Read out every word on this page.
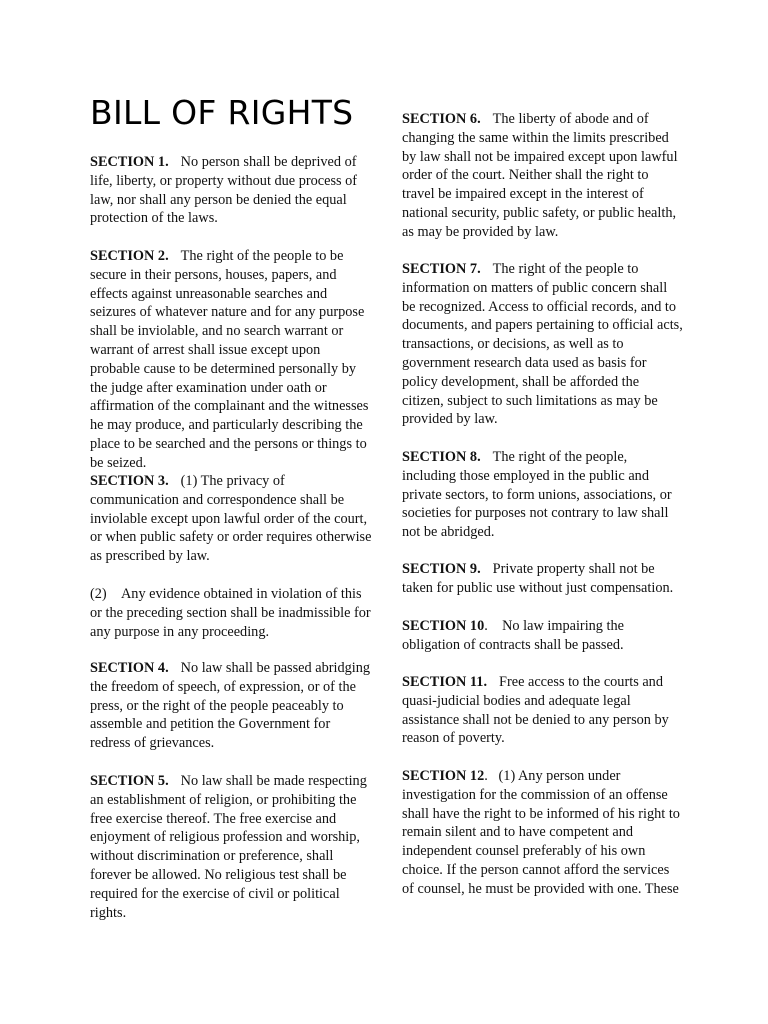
BILL OF RIGHTS

SECTION 1. No person shall be deprived of life, liberty, or property without due process of law, nor shall any person be denied the equal protection of the laws.

SECTION 2. The right of the people to be secure in their persons, houses, papers, and effects against unreasonable searches and seizures of whatever nature and for any purpose shall be inviolable, and no search warrant or warrant of arrest shall issue except upon probable cause to be determined personally by the judge after examination under oath or affirmation of the complainant and the witnesses he may produce, and particularly describing the place to be searched and the persons or things to be seized.

SECTION 3. (1) The privacy of communication and correspondence shall be inviolable except upon lawful order of the court, or when public safety or order requires otherwise as prescribed by law.

(2)    Any evidence obtained in violation of this or the preceding section shall be inadmissible for any purpose in any proceeding.

SECTION 4. No law shall be passed abridging the freedom of speech, of expression, or of the press, or the right of the people peaceably to assemble and petition the Government for redress of grievances.

SECTION 5. No law shall be made respecting an establishment of religion, or prohibiting the free exercise thereof. The free exercise and enjoyment of religious profession and worship, without discrimination or preference, shall forever be allowed. No religious test shall be required for the exercise of civil or political rights.

SECTION 6. The liberty of abode and of changing the same within the limits prescribed by law shall not be impaired except upon lawful order of the court. Neither shall the right to travel be impaired except in the interest of national security, public safety, or public health, as may be provided by law.

SECTION 7. The right of the people to information on matters of public concern shall be recognized. Access to official records, and to documents, and papers pertaining to official acts, transactions, or decisions, as well as to government research data used as basis for policy development, shall be afforded the citizen, subject to such limitations as may be provided by law.

SECTION 8. The right of the people, including those employed in the public and private sectors, to form unions, associations, or societies for purposes not contrary to law shall not be abridged.

SECTION 9. Private property shall not be taken for public use without just compensation.

SECTION 10.    No law impairing the obligation of contracts shall be passed.

SECTION 11. Free access to the courts and quasi-judicial bodies and adequate legal assistance shall not be denied to any person by reason of poverty.

SECTION 12.   (1) Any person under investigation for the commission of an offense shall have the right to be informed of his right to remain silent and to have competent and independent counsel preferably of his own choice. If the person cannot afford the services of counsel, he must be provided with one. These
